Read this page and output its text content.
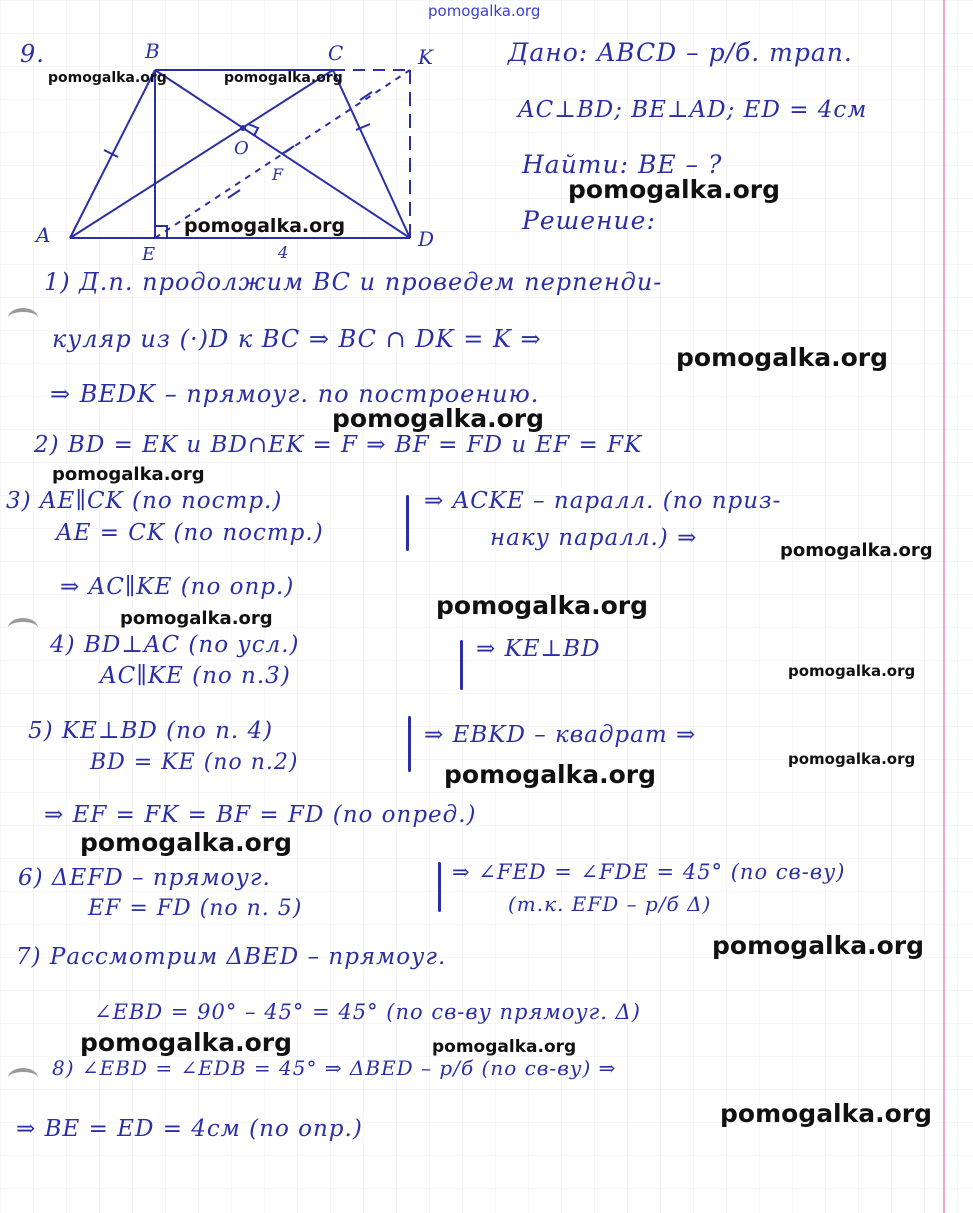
B	C	K
A	D
E
O
F
4
9.	Дано: ABCD – р/б. трап.
AC⊥BD; BE⊥AD; ED = 4см
Найти: BE – ?
Решение:
1) Д.п. продолжим BC и проведем перпенди-
куляр из (·)D к BC ⇒ BC ∩ DK = K ⇒
⇒ BEDK – прямоуг. по построению.
2) BD = EK и BD∩EK = F ⇒ BF = FD и EF = FK
3) AE∥CK (по постр.)
AE = CK (по постр.)
⇒ ACKE – паралл. (по приз-
наку паралл.) ⇒
⇒ AC∥KE (по опр.)
4) BD⊥AC (по усл.)
AC∥KE (по п.3)
⇒ KE⊥BD
5) KE⊥BD (по п. 4)
BD = KE (по п.2)
⇒ EBKD – квадрат ⇒
⇒ EF = FK = BF = FD (по опред.)
6) ΔEFD – прямоуг.
EF = FD (по п. 5)
⇒ ∠FED = ∠FDE = 45° (по св-ву)
(т.к. EFD – р/б Δ)
7) Рассмотрим ΔBED – прямоуг.
∠EBD = 90° – 45° = 45° (по св-ву прямоуг. Δ)
8) ∠EBD = ∠EDB = 45° ⇒ ΔBED – р/б (по св-ву) ⇒
⇒ BE = ED = 4см (по опр.)
pomogalka.org
pomogalka.org	pomogalka.org
pomogalka.org
pomogalka.org
pomogalka.org
pomogalka.org
pomogalka.org
pomogalka.org
pomogalka.org	pomogalka.org
pomogalka.org
pomogalka.org
pomogalka.org
pomogalka.org
pomogalka.org
pomogalka.org	pomogalka.org
pomogalka.org
